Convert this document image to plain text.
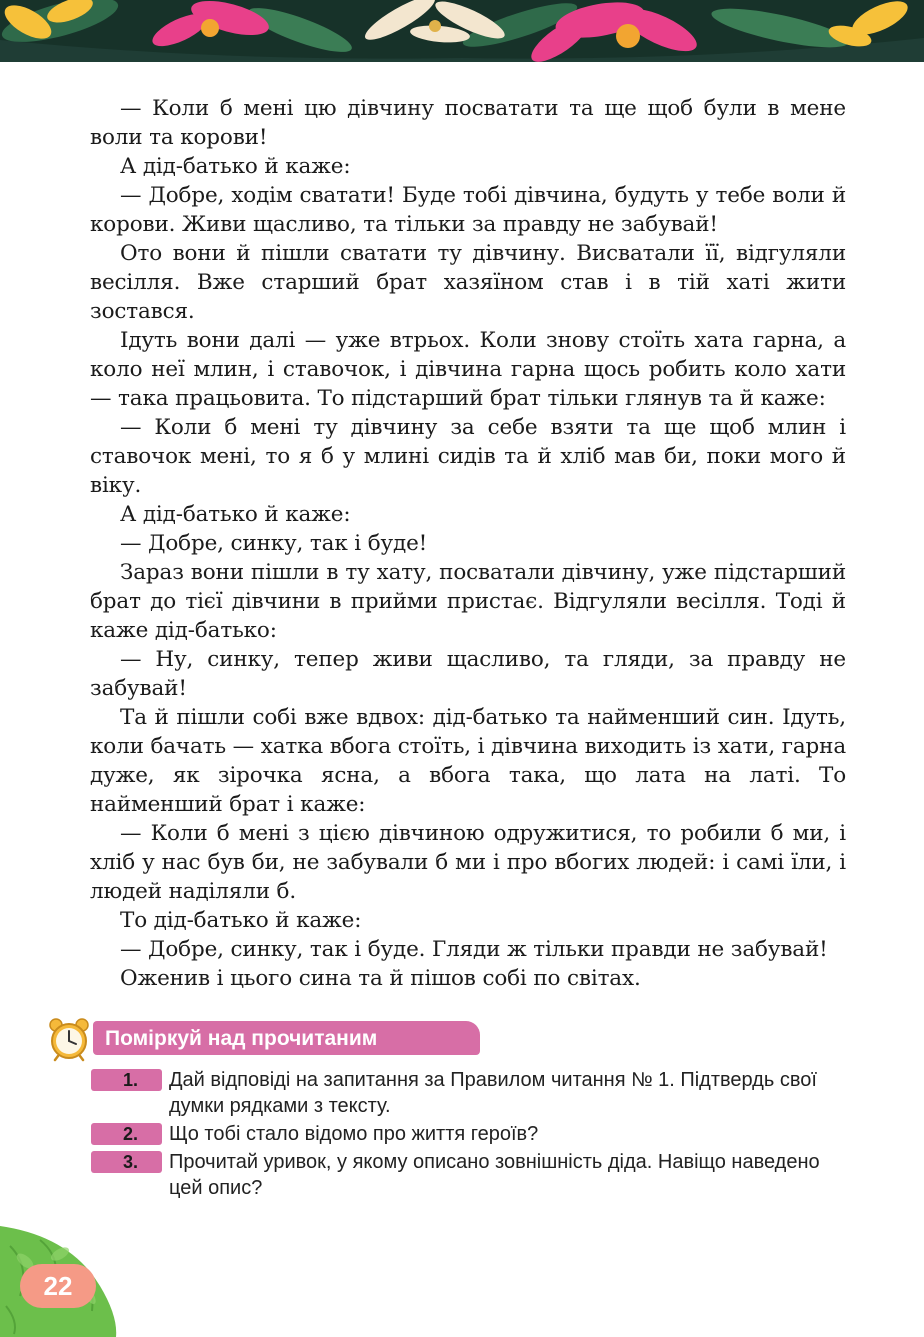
— Коли б мені цю дівчину посватати та ще щоб були в мене воли та корови!

А дід-батько й каже:

— Добре, ходім сватати! Буде тобі дівчина, будуть у тебе воли й корови. Живи щасливо, та тільки за правду не забувай!

Ото вони й пішли сватати ту дівчину. Висватали її, відгуляли весілля. Вже старший брат хазяїном став і в тій хаті жити зостався.

Ідуть вони далі — уже втрьох. Коли знову стоїть хата гарна, а коло неї млин, і ставочок, і дівчина гарна щось робить коло хати — така працьовита. То підстарший брат тільки глянув та й каже:

— Коли б мені ту дівчину за себе взяти та ще щоб млин і ставочок мені, то я б у млині сидів та й хліб мав би, поки мого й віку.

А дід-батько й каже:

— Добре, синку, так і буде!

Зараз вони пішли в ту хату, посватали дівчину, уже підстарший брат до тієї дівчини в прийми пристає. Відгуляли весілля. Тоді й каже дід-батько:

— Ну, синку, тепер живи щасливо, та гляди, за правду не забувай!

Та й пішли собі вже вдвох: дід-батько та найменший син. Ідуть, коли бачать — хатка вбога стоїть, і дівчина виходить із хати, гарна дуже, як зірочка ясна, а вбога така, що лата на латі. То найменший брат і каже:

— Коли б мені з цією дівчиною одружитися, то робили б ми, і хліб у нас був би, не забували б ми і про вбогих людей: і самі їли, і людей наділяли б.

То дід-батько й каже:

— Добре, синку, так і буде. Гляди ж тільки правди не забувай!

Оженив і цього сина та й пішов собі по світах.

Поміркуй над прочитаним
1.	Дай відповіді на запитання за Правилом читання № 1. Підтвердь свої думки рядками з тексту.
2.	Що тобі стало відомо про життя героїв?
3.	Прочитай уривок, у якому описано зовнішність діда. Навіщо наведено цей опис?
22
